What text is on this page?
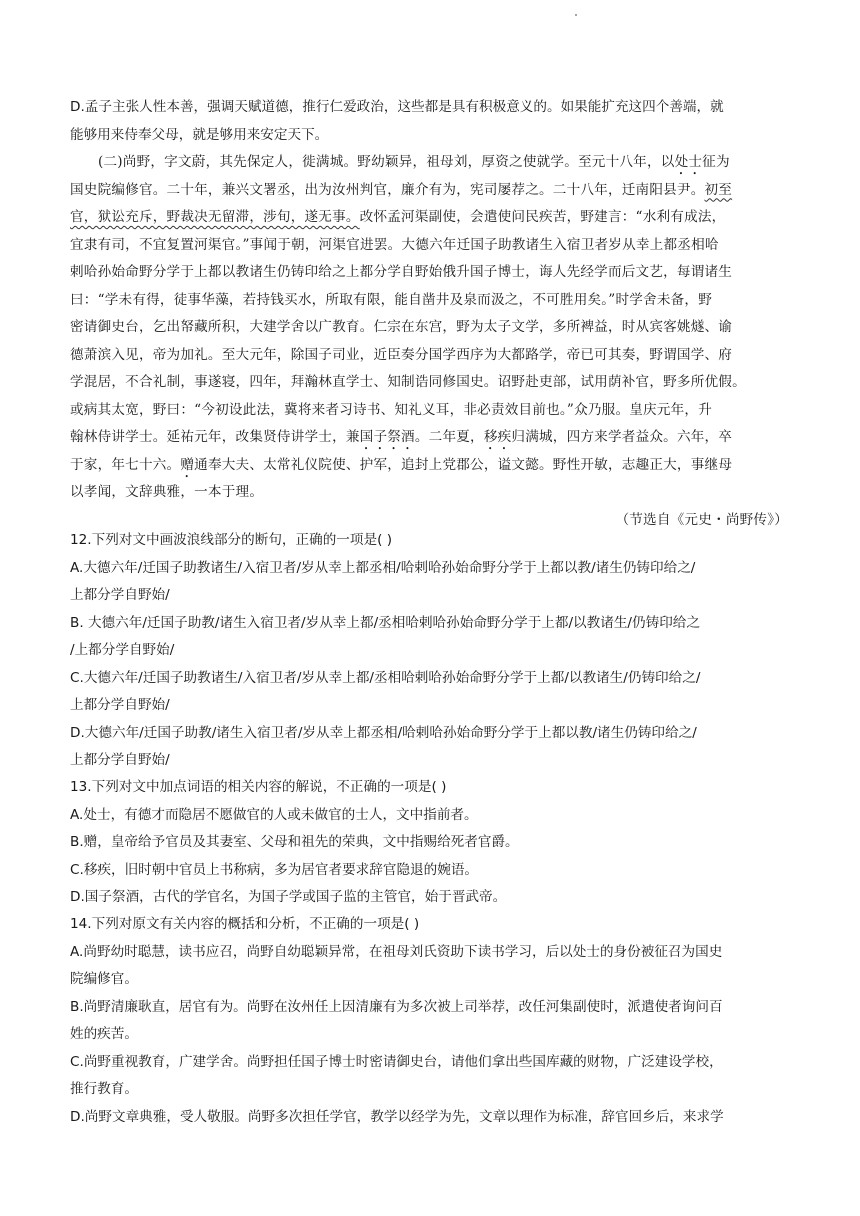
D.孟子主张人性本善，强调天赋道德，推行仁爱政治，这些都是具有积极意义的。如果能扩充这四个善端，就
能够用来侍奉父母，就是够用来安定天下。
(二)尚野，字文蔚，其先保定人，徙满城。野幼颖异，祖母刘，厚资之使就学。至元十八年，以处士征为
国史院编修官。二十年，兼兴文署丞，出为汝州判官，廉介有为，宪司屡荐之。二十八年，迁南阳县尹。初至
官，狱讼充斥，野裁决无留滞，涉旬，遂无事。改怀孟河渠副使，会遣使问民疾苦，野建言：“水利有成法，
宜隶有司，不宜复置河渠官。”事闻于朝，河渠官进罢。大德六年迁国子助教诸生入宿卫者岁从幸上都丞相哈
剌哈孙始命野分学于上都以教诸生仍铸印给之上都分学自野始俄升国子博士，诲人先经学而后文艺，每谓诸生
曰：“学未有得，徒事华藻，若持钱买水，所取有限，能自凿井及泉而汲之，不可胜用矣。”时学舍未备，野
密请御史台，乞出帑藏所积，大建学舍以广教育。仁宗在东宫，野为太子文学，多所裨益，时从宾客姚燧、谕
德萧滨入见，帝为加礼。至大元年，除国子司业，近臣奏分国学西序为大都路学，帝已可其奏，野谓国学、府
学混居，不合礼制，事遂寝，四年，拜瀚林直学士、知制诰同修国史。诏野赴吏部，试用荫补官，野多所优假。
或病其太宽，野曰：“今初设此法，冀将来者习诗书、知礼义耳，非必责效目前也。”众乃服。皇庆元年，升
翰林侍讲学士。延祐元年，改集贤侍讲学士，兼国子祭酒。二年夏，移疾归满城，四方来学者益众。六年，卒
于家，年七十六。赠通奉大夫、太常礼仪院使、护军，追封上党郡公，谥文懿。野性开敏，志趣正大，事继母
以孝闻，文辞典雅，一本于理。
（节选自《元史・尚野传》）
12.下列对文中画波浪线部分的断句，正确的一项是( )
A.大德六年/迁国子助教诸生/入宿卫者/岁从幸上都丞相/哈剌哈孙始命野分学于上都以教/诸生仍铸印给之/
上都分学自野始/
B. 大德六年/迁国子助教/诸生入宿卫者/岁从幸上都/丞相哈剌哈孙始命野分学于上都/以教诸生/仍铸印给之
/上都分学自野始/
C.大德六年/迁国子助教诸生/入宿卫者/岁从幸上都/丞相哈剌哈孙始命野分学于上都/以教诸生/仍铸印给之/
上都分学自野始/
D.大德六年/迁国子助教/诸生入宿卫者/岁从幸上都丞相/哈剌哈孙始命野分学于上都以教/诸生仍铸印给之/
上都分学自野始/
13.下列对文中加点词语的相关内容的解说，不正确的一项是( )
A.处士，有德才而隐居不愿做官的人或未做官的士人，文中指前者。
B.赠，皇帝给予官员及其妻室、父母和祖先的荣典，文中指赐给死者官爵。
C.移疾，旧时朝中官员上书称病，多为居官者要求辞官隐退的婉语。
D.国子祭酒，古代的学官名，为国子学或国子监的主管官，始于晋武帝。
14.下列对原文有关内容的概括和分析，不正确的一项是( )
A.尚野幼时聪慧，读书应召，尚野自幼聪颖异常，在祖母刘氏资助下读书学习，后以处士的身份被征召为国史
院编修官。
B.尚野清廉耿直，居官有为。尚野在汝州任上因清廉有为多次被上司举荐，改任河集副使时，派遣使者询问百
姓的疾苦。
C.尚野重视教育，广建学舍。尚野担任国子博士时密请御史台，请他们拿出些国库藏的财物，广泛建设学校，
推行教育。
D.尚野文章典雅，受人敬服。尚野多次担任学官，教学以经学为先，文章以理作为标准，辞官回乡后，来求学
